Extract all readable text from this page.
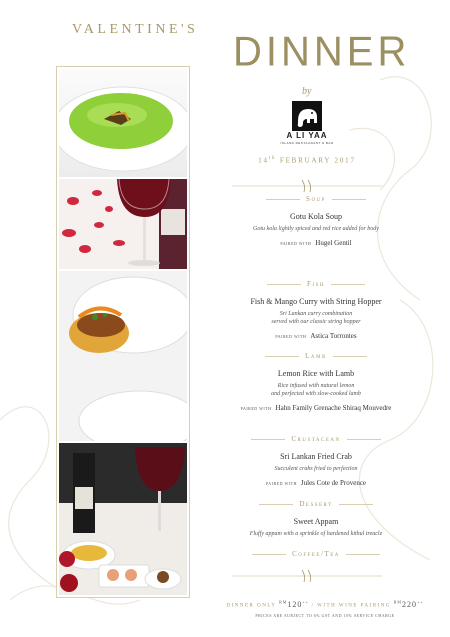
VALENTINE'S DINNER
by
A LI YAA
ISLAND RESTAURANT & BAR
14th FEBRUARY 2017
Soup
Gotu Kola Soup
Gotu kola lightly spiced and red rice added for body
PAIRED WITH Hugel Gentil
Fish
Fish & Mango Curry with String Hopper
Sri Lankan curry combination
served with our classic string hopper
PAIRED WITH Astica Torrontes
Lamb
Lemon Rice with Lamb
Rice infused with natural lemon
and perfected with slow-cooked lamb
PAIRED WITH Hahn Family Grenache Shiraq Mouvedre
Crustacean
Sri Lankan Fried Crab
Succulent crabs fried to perfection
PAIRED WITH Jules Cote de Provence
Dessert
Sweet Appam
Fluffy appam with a sprinkle of hardened kithul treacle
Coffee/Tea
DINNER ONLY $^{RM}$120++ / WITH WINE PAIRING $^{RM}$220++
PRICES ARE SUBJECT TO 6% GST AND 10% SERVICE CHARGE
